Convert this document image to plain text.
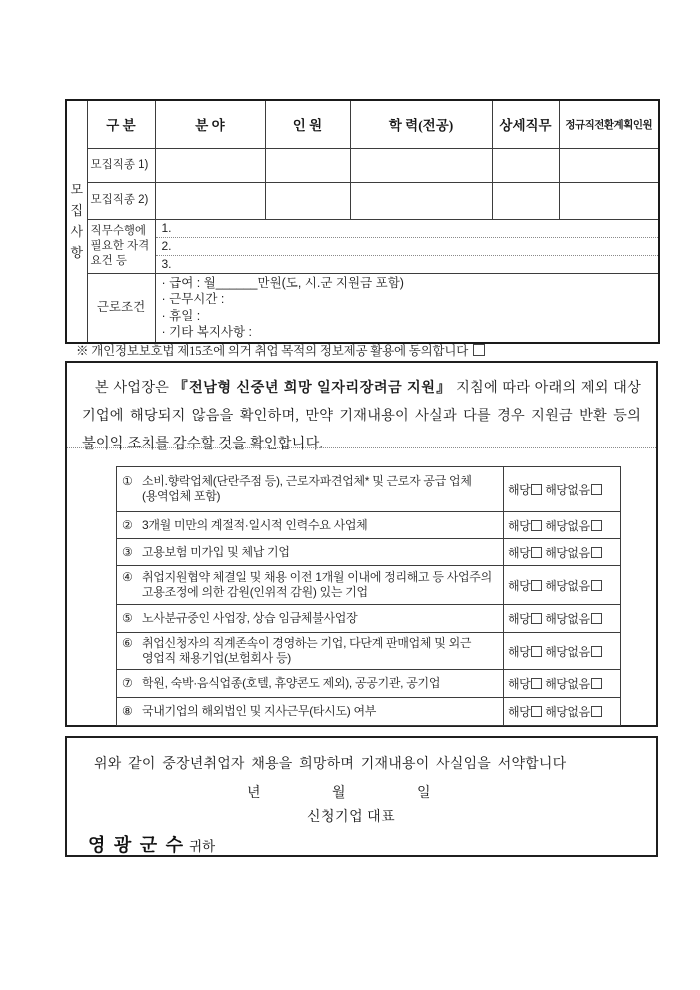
모집사항	구 분	분 야	인 원	학 력(전공)	상세직무	정규직전환계획인원
	모집직종 1)					
	모집직종 2)					
	직무수행에 필요한 자격 요건 등	1.
2.
3.				

	근로조건	· 급여 : 월______만원(도, 시.군 지원금 포함)
· 근무시간 :
· 휴일 :
· 기타 복지사항 :				
※ 개인정보보호법 제15조에 의거 취업 목적의 정보제공 활용에 동의합니다

본 사업장은 『전남형 신중년 희망 일자리장려금 지원』 지침에 따라 아래의 제외 대상 기업에 해당되지 않음을 확인하며, 만약 기재내용이 사실과 다를 경우 지원금 반환 등의 불이익 조치를 감수할 것을 확인합니다.

① 소비.향락업체(단란주점 등), 근로자파견업체* 및 근로자 공급 업체(용역업체 포함)	해당 해당없음

② 3개월 미만의 계절적·일시적 인력수요 사업체	해당 해당없음

③ 고용보험 미가입 및 체납 기업	해당 해당없음

④ 취업지원협약 체결일 및 채용 이전 1개월 이내에 정리해고 등 사업주의 고용조정에 의한 감원(인위적 감원) 있는 기업	해당 해당없음

⑤ 노사분규중인 사업장, 상습 임금체불사업장	해당 해당없음

⑥ 취업신청자의 직계존속이 경영하는 기업, 다단계 판매업체 및 외근 영업직 채용기업(보험회사 등)	해당 해당없음

⑦ 학원, 숙박·음식업종(호텔, 휴양콘도 제외), 공공기관, 공기업	해당 해당없음

⑧ 국내기업의 해외법인 및 지사근무(타시도) 여부	해당 해당없음
위와 같이 중장년취업자 채용을 희망하며 기재내용이 사실임을 서약합니다
년 월 일
신청기업 대표
영 광 군 수 귀하
